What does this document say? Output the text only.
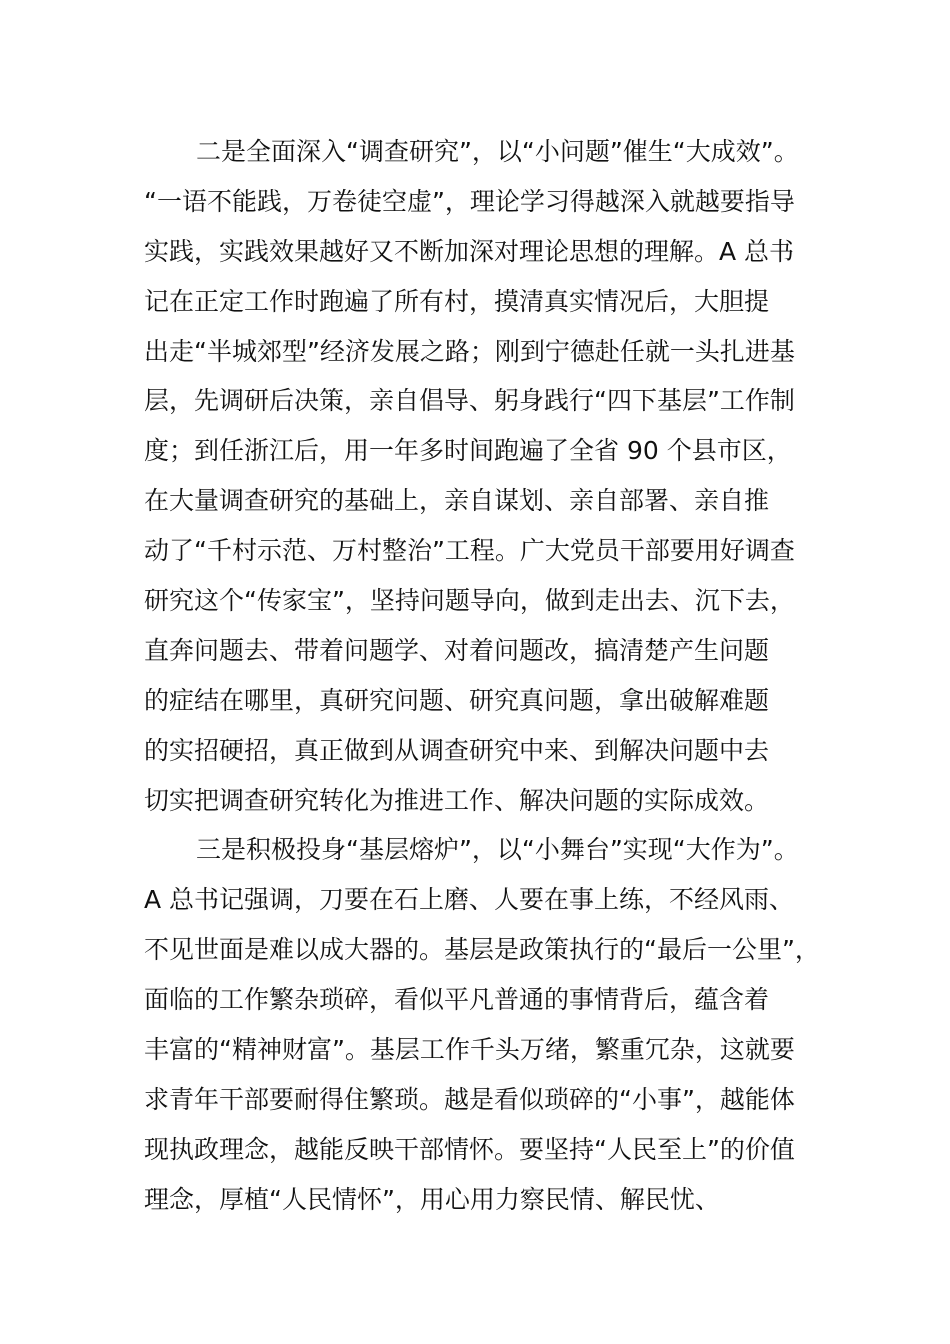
二是全面深入“调查研究”，以“小问题”催生“大成效”。
“一语不能践，万卷徒空虚”，理论学习得越深入就越要指导
实践，实践效果越好又不断加深对理论思想的理解。A 总书
记在正定工作时跑遍了所有村，摸清真实情况后，大胆提
出走“半城郊型”经济发展之路；刚到宁德赴任就一头扎进基
层，先调研后决策，亲自倡导、躬身践行“四下基层”工作制
度；到任浙江后，用一年多时间跑遍了全省 90 个县市区，
在大量调查研究的基础上，亲自谋划、亲自部署、亲自推
动了“千村示范、万村整治”工程。广大党员干部要用好调查
研究这个“传家宝”，坚持问题导向，做到走出去、沉下去，
直奔问题去、带着问题学、对着问题改，搞清楚产生问题
的症结在哪里，真研究问题、研究真问题，拿出破解难题
的实招硬招，真正做到从调查研究中来、到解决问题中去
切实把调查研究转化为推进工作、解决问题的实际成效。
三是积极投身“基层熔炉”，以“小舞台”实现“大作为”。
A 总书记强调，刀要在石上磨、人要在事上练，不经风雨、
不见世面是难以成大器的。基层是政策执行的“最后一公里”，
面临的工作繁杂琐碎，看似平凡普通的事情背后，蕴含着
丰富的“精神财富”。基层工作千头万绪，繁重冗杂，这就要
求青年干部要耐得住繁琐。越是看似琐碎的“小事”，越能体
现执政理念，越能反映干部情怀。要坚持“人民至上”的价值
理念，厚植“人民情怀”，用心用力察民情、解民忧、
